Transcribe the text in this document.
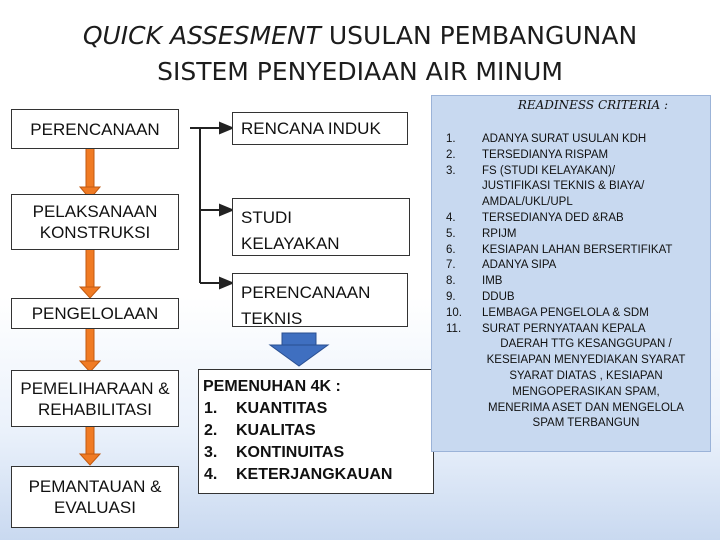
QUICK ASSESMENT USULAN PEMBANGUNAN
SISTEM PENYEDIAAN AIR MINUM
PERENCANAAN
PELAKSANAAN KONSTRUKSI
PENGELOLAAN
PEMELIHARAAN & REHABILITASI
PEMANTAUAN & EVALUASI
RENCANA INDUK
STUDI KELAYAKAN
PERENCANAAN TEKNIS
PEMENUHAN 4K :
1.	KUANTITAS
2.	KUALITAS
3.	KONTINUITAS
4.	KETERJANGKAUAN
READINESS CRITERIA :
1.	ADANYA SURAT USULAN KDH
2.	TERSEDIANYA RISPAM
3.	FS (STUDI KELAYAKAN)/
JUSTIFIKASI TEKNIS & BIAYA/
AMDAL/UKL/UPL
4.	TERSEDIANYA DED &RAB
5.	RPIJM
6.	KESIAPAN LAHAN BERSERTIFIKAT
7.	ADANYA SIPA
8.	IMB
9.	DDUB
10.	LEMBAGA PENGELOLA & SDM
11.	SURAT PERNYATAAN KEPALA
DAERAH TTG KESANGGUPAN /
KESEIAPAN MENYEDIAKAN SYARAT
SYARAT DIATAS , KESIAPAN
MENGOPERASIKAN SPAM,
MENERIMA ASET DAN MENGELOLA
SPAM TERBANGUN
